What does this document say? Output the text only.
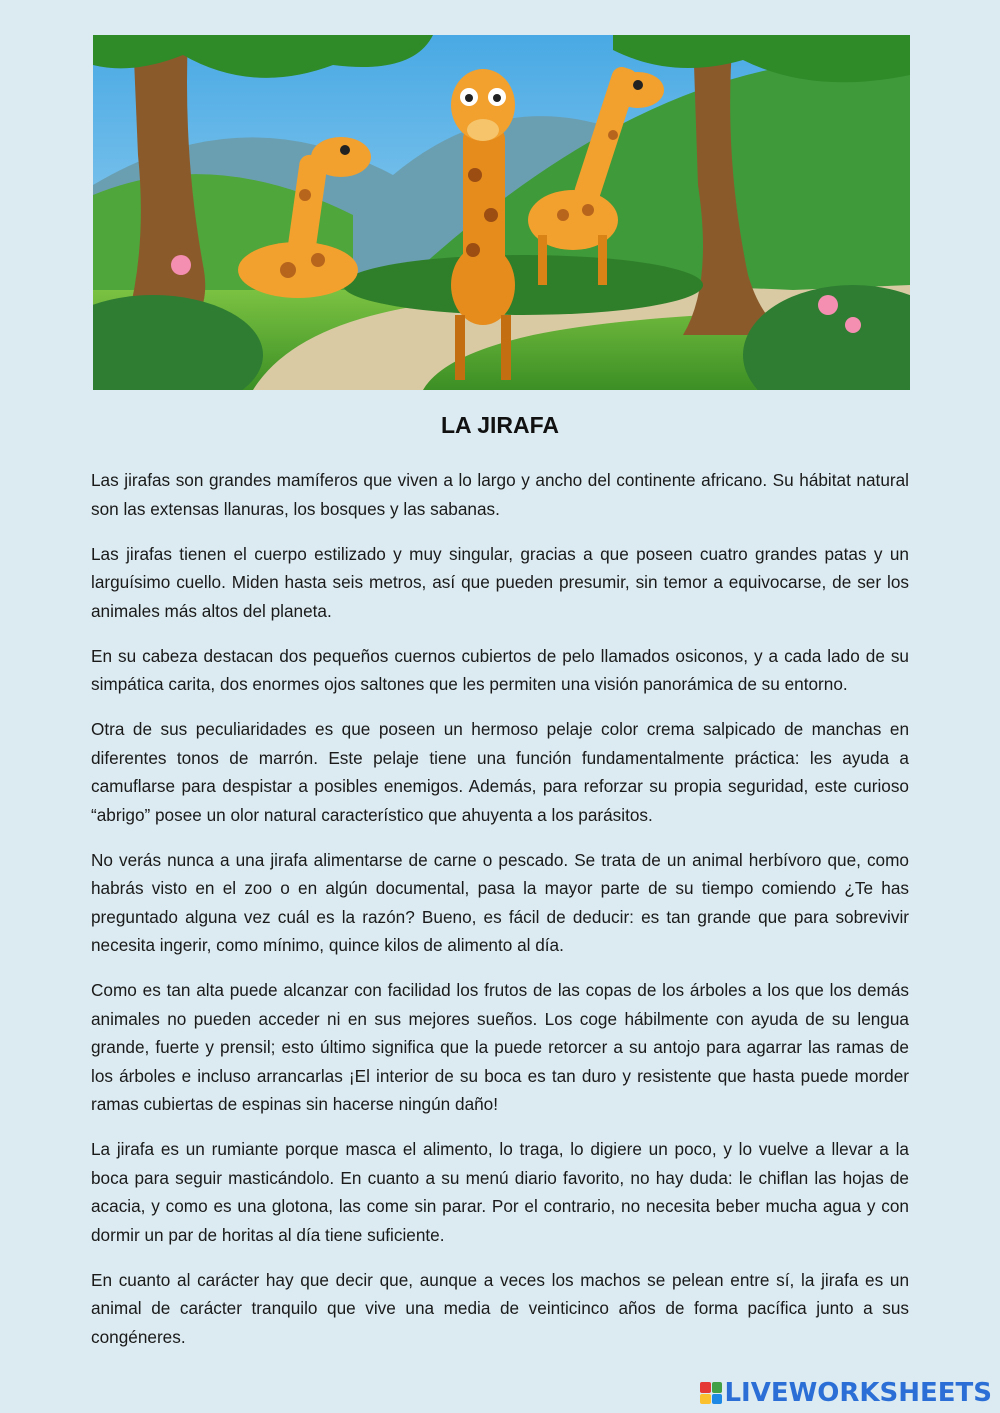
LA JIRAFA

Las jirafas son grandes mamíferos que viven a lo largo y ancho del continente africano. Su hábitat natural son las extensas llanuras, los bosques y las sabanas.

Las jirafas tienen el cuerpo estilizado y muy singular, gracias a que poseen cuatro grandes patas y un larguísimo cuello. Miden hasta seis metros, así que pueden presumir, sin temor a equivocarse, de ser los animales más altos del planeta.

En su cabeza destacan dos pequeños cuernos cubiertos de pelo llamados osiconos, y a cada lado de su simpática carita, dos enormes ojos saltones que les permiten una visión panorámica de su entorno.

Otra de sus peculiaridades es que poseen un hermoso pelaje color crema salpicado de manchas en diferentes tonos de marrón. Este pelaje tiene una función fundamentalmente práctica: les ayuda a camuflarse para despistar a posibles enemigos. Además, para reforzar su propia seguridad, este curioso “abrigo” posee un olor natural característico que ahuyenta a los parásitos.

No verás nunca a una jirafa alimentarse de carne o pescado. Se trata de un animal herbívoro que, como habrás visto en el zoo o en algún documental, pasa la mayor parte de su tiempo comiendo ¿Te has preguntado alguna vez cuál es la razón? Bueno, es fácil de deducir: es tan grande que para sobrevivir necesita ingerir, como mínimo, quince kilos de alimento al día.

Como es tan alta puede alcanzar con facilidad los frutos de las copas de los árboles a los que los demás animales no pueden acceder ni en sus mejores sueños. Los coge hábilmente con ayuda de su lengua grande, fuerte y prensil; esto último significa que la puede retorcer a su antojo para agarrar las ramas de los árboles e incluso arrancarlas ¡El interior de su boca es tan duro y resistente que hasta puede morder ramas cubiertas de espinas sin hacerse ningún daño!

La jirafa es un rumiante porque masca el alimento, lo traga, lo digiere un poco, y lo vuelve a llevar a la boca para seguir masticándolo. En cuanto a su menú diario favorito, no hay duda: le chiflan las hojas de acacia, y como es una glotona, las come sin parar. Por el contrario, no necesita beber mucha agua y con dormir un par de horitas al día tiene suficiente.

En cuanto al carácter hay que decir que, aunque a veces los machos se pelean entre sí, la jirafa es un animal de carácter tranquilo que vive una media de veinticinco años de forma pacífica junto a sus congéneres.

LIVEWORKSHEETS
